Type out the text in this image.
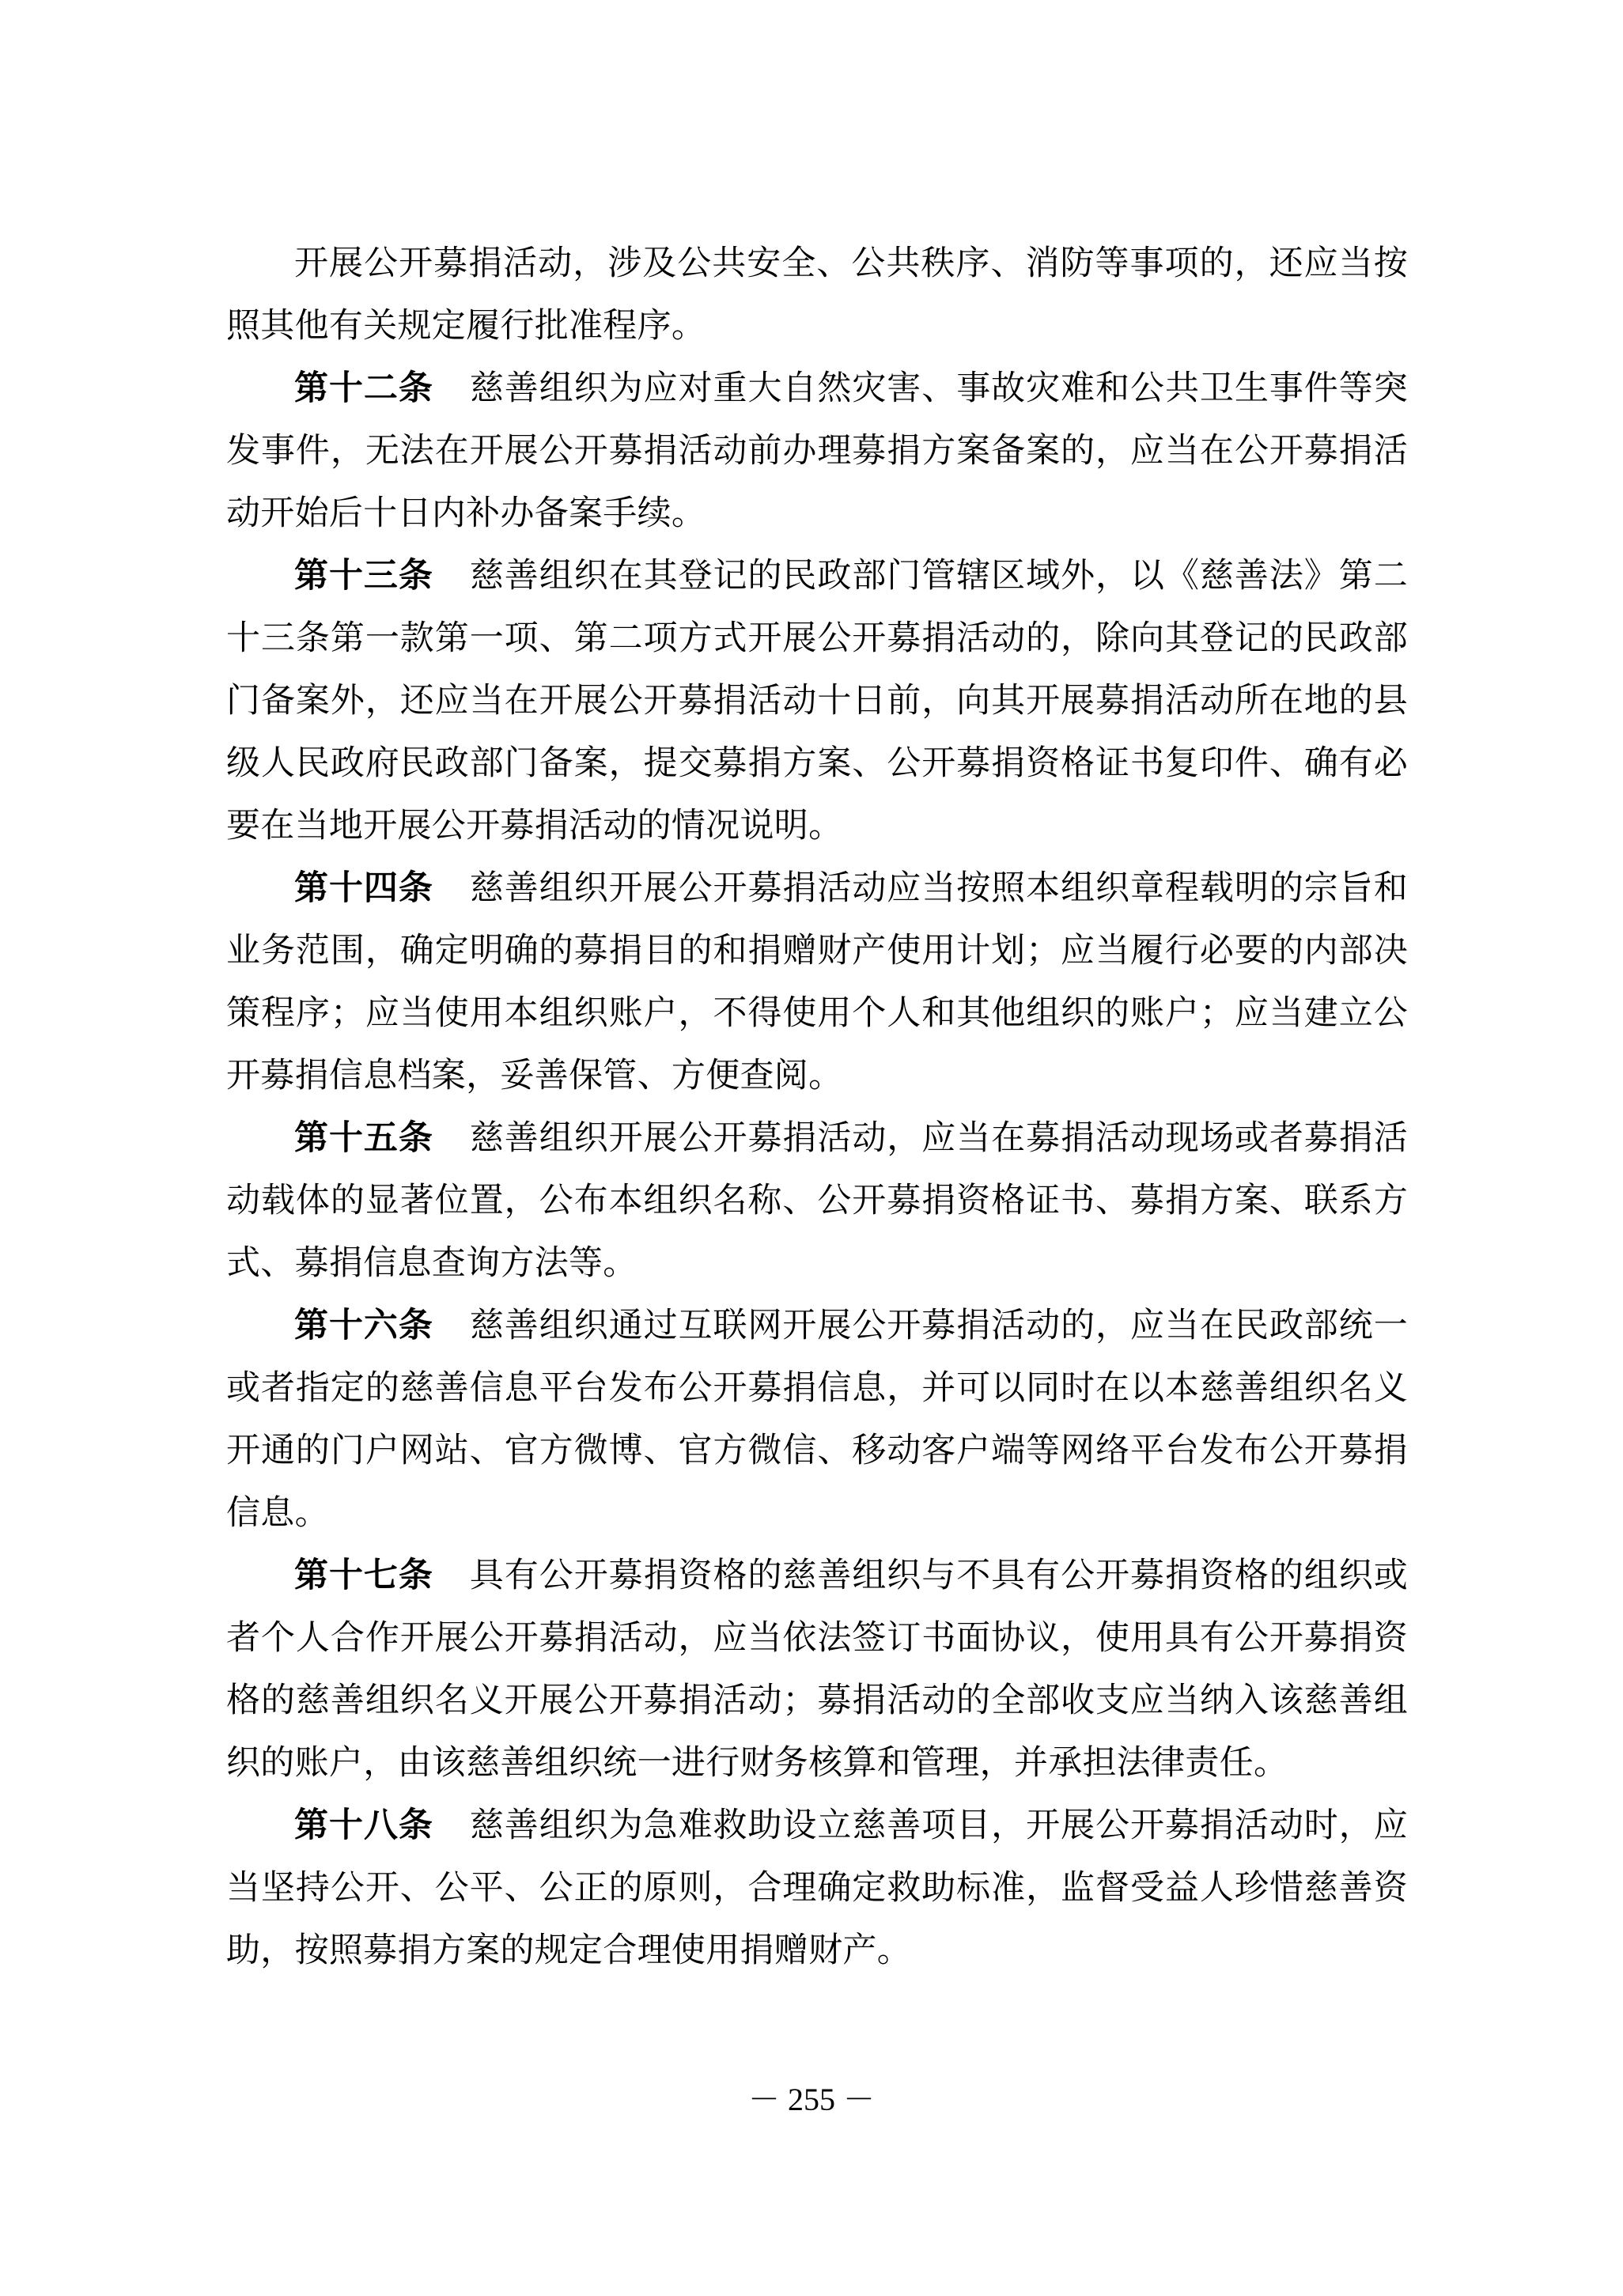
开展公开募捐活动，涉及公共安全、公共秩序、消防等事项的，还应当按照其他有关规定履行批准程序。

第十二条 慈善组织为应对重大自然灾害、事故灾难和公共卫生事件等突发事件，无法在开展公开募捐活动前办理募捐方案备案的，应当在公开募捐活动开始后十日内补办备案手续。

第十三条 慈善组织在其登记的民政部门管辖区域外，以《慈善法》第二十三条第一款第一项、第二项方式开展公开募捐活动的，除向其登记的民政部门备案外，还应当在开展公开募捐活动十日前，向其开展募捐活动所在地的县级人民政府民政部门备案，提交募捐方案、公开募捐资格证书复印件、确有必要在当地开展公开募捐活动的情况说明。

第十四条 慈善组织开展公开募捐活动应当按照本组织章程载明的宗旨和业务范围，确定明确的募捐目的和捐赠财产使用计划；应当履行必要的内部决策程序；应当使用本组织账户，不得使用个人和其他组织的账户；应当建立公开募捐信息档案，妥善保管、方便查阅。

第十五条 慈善组织开展公开募捐活动，应当在募捐活动现场或者募捐活动载体的显著位置，公布本组织名称、公开募捐资格证书、募捐方案、联系方式、募捐信息查询方法等。

第十六条 慈善组织通过互联网开展公开募捐活动的，应当在民政部统一或者指定的慈善信息平台发布公开募捐信息，并可以同时在以本慈善组织名义开通的门户网站、官方微博、官方微信、移动客户端等网络平台发布公开募捐信息。

第十七条 具有公开募捐资格的慈善组织与不具有公开募捐资格的组织或者个人合作开展公开募捐活动，应当依法签订书面协议，使用具有公开募捐资格的慈善组织名义开展公开募捐活动；募捐活动的全部收支应当纳入该慈善组织的账户，由该慈善组织统一进行财务核算和管理，并承担法律责任。

第十八条 慈善组织为急难救助设立慈善项目，开展公开募捐活动时，应当坚持公开、公平、公正的原则，合理确定救助标准，监督受益人珍惜慈善资助，按照募捐方案的规定合理使用捐赠财产。

－ 255 －
